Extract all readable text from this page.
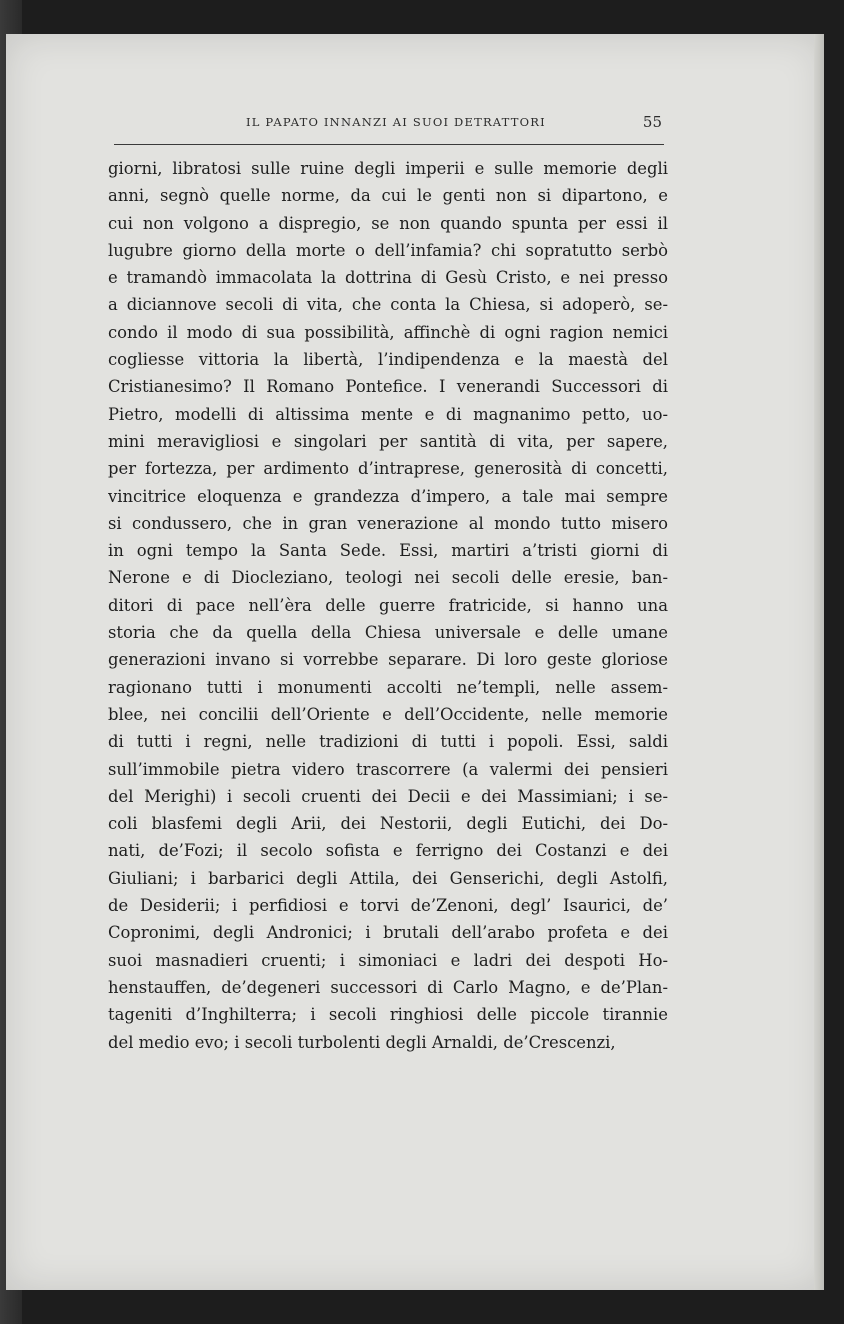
IL PAPATO INNANZI AI SUOI DETRATTORI	55
giorni, libratosi sulle ruine degli imperii e sulle memorie degli
anni, segnò quelle norme, da cui le genti non si dipartono, e
cui non volgono a dispregio, se non quando spunta per essi il
lugubre giorno della morte o dell’infamia? chi sopratutto serbò
e tramandò immacolata la dottrina di Gesù Cristo, e nei presso
a diciannove secoli di vita, che conta la Chiesa, si adoperò, se-
condo il modo di sua possibilità, affinchè di ogni ragion nemici
cogliesse vittoria la libertà, l’indipendenza e la maestà del
Cristianesimo? Il Romano Pontefice. I venerandi Successori di
Pietro, modelli di altissima mente e di magnanimo petto, uo-
mini meravigliosi e singolari per santità di vita, per sapere,
per fortezza, per ardimento d’intraprese, generosità di concetti,
vincitrice eloquenza e grandezza d’impero, a tale mai sempre
si condussero, che in gran venerazione al mondo tutto misero
in ogni tempo la Santa Sede. Essi, martiri a’tristi giorni di
Nerone e di Diocleziano, teologi nei secoli delle eresie, ban-
ditori di pace nell’èra delle guerre fratricide, si hanno una
storia che da quella della Chiesa universale e delle umane
generazioni invano si vorrebbe separare. Di loro geste gloriose
ragionano tutti i monumenti accolti ne’templi, nelle assem-
blee, nei concilii dell’Oriente e dell’Occidente, nelle memorie
di tutti i regni, nelle tradizioni di tutti i popoli. Essi, saldi
sull’immobile pietra videro trascorrere (a valermi dei pensieri
del Merighi) i secoli cruenti dei Decii e dei Massimiani; i se-
coli blasfemi degli Arii, dei Nestorii, degli Eutichi, dei Do-
nati, de’Fozi; il secolo sofista e ferrigno dei Costanzi e dei
Giuliani; i barbarici degli Attila, dei Genserichi, degli Astolfi,
de Desiderii; i perfidiosi e torvi de’Zenoni, degl’ Isaurici, de’
Copronimi, degli Andronici; i brutali dell’arabo profeta e dei
suoi masnadieri cruenti; i simoniaci e ladri dei despoti Ho-
henstauffen, de’degeneri successori di Carlo Magno, e de’Plan-
tageniti d’Inghilterra; i secoli ringhiosi delle piccole tirannie
del medio evo; i secoli turbolenti degli Arnaldi, de’Crescenzi,
